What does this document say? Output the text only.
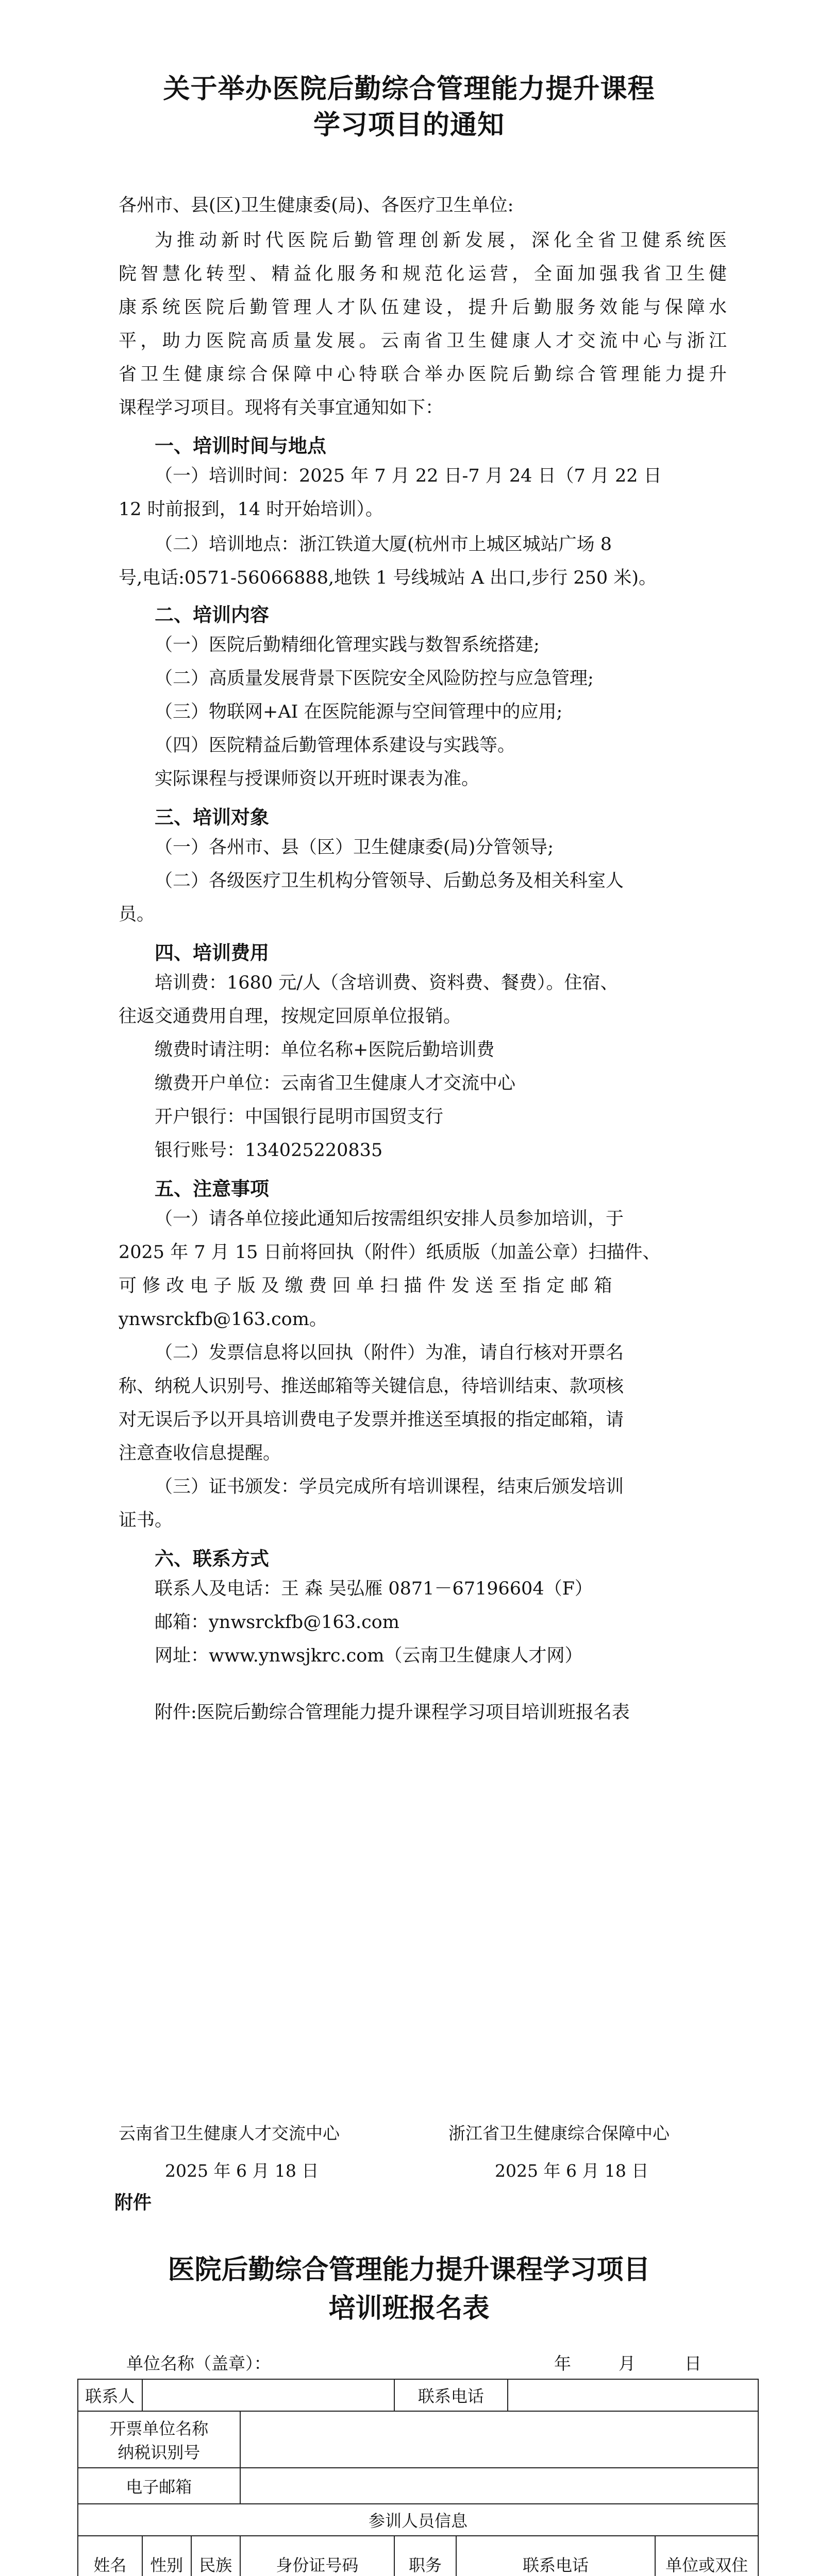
关于举办医院后勤综合管理能力提升课程
学习项目的通知
各州市、县(区)卫生健康委(局)、各医疗卫生单位:
为推动新时代医院后勤管理创新发展，深化全省卫健系统医
院智慧化转型、精益化服务和规范化运营，全面加强我省卫生健
康系统医院后勤管理人才队伍建设，提升后勤服务效能与保障水
平，助力医院高质量发展。云南省卫生健康人才交流中心与浙江
省卫生健康综合保障中心特联合举办医院后勤综合管理能力提升
课程学习项目。现将有关事宜通知如下：
一、培训时间与地点
（一）培训时间：2025 年 7 月 22 日-7 月 24 日（7 月 22 日
12 时前报到，14 时开始培训）。
（二）培训地点：浙江铁道大厦(杭州市上城区城站广场 8
号,电话:0571-56066888,地铁 1 号线城站 A 出口,步行 250 米)。
二、培训内容
（一）医院后勤精细化管理实践与数智系统搭建;
（二）高质量发展背景下医院安全风险防控与应急管理;
（三）物联网+AI 在医院能源与空间管理中的应用;
（四）医院精益后勤管理体系建设与实践等。
实际课程与授课师资以开班时课表为准。
三、培训对象
（一）各州市、县（区）卫生健康委(局)分管领导;
（二）各级医疗卫生机构分管领导、后勤总务及相关科室人
员。
四、培训费用
培训费：1680 元/人（含培训费、资料费、餐费）。住宿、
往返交通费用自理，按规定回原单位报销。
缴费时请注明：单位名称+医院后勤培训费
缴费开户单位：云南省卫生健康人才交流中心
开户银行：中国银行昆明市国贸支行
银行账号：134025220835
五、注意事项
（一）请各单位接此通知后按需组织安排人员参加培训，于
2025 年 7 月 15 日前将回执（附件）纸质版（加盖公章）扫描件、
可 修 改 电 子 版 及 缴 费 回 单 扫 描 件 发 送 至 指 定 邮 箱
ynwsrckfb@163.com。
（二）发票信息将以回执（附件）为准，请自行核对开票名
称、纳税人识别号、推送邮箱等关键信息，待培训结束、款项核
对无误后予以开具培训费电子发票并推送至填报的指定邮箱，请
注意查收信息提醒。
（三）证书颁发：学员完成所有培训课程，结束后颁发培训
证书。
六、联系方式
联系人及电话：王 森 吴弘雁 0871－67196604（F）
邮箱：ynwsrckfb@163.com
网址：www.ynwsjkrc.com（云南卫生健康人才网）
附件:医院后勤综合管理能力提升课程学习项目培训班报名表
云南省卫生健康人才交流中心	浙江省卫生健康综合保障中心
2025 年 6 月 18 日	2025 年 6 月 18 日
附件
医院后勤综合管理能力提升课程学习项目
培训班报名表
单位名称（盖章）：	年	月	日
联系人				联系电话			

开票单位名称
纳税识别号							

电子邮箱							
参训人员信息							
姓名	性别	民族	身份证号码	职务	联系电话		单位或双住
